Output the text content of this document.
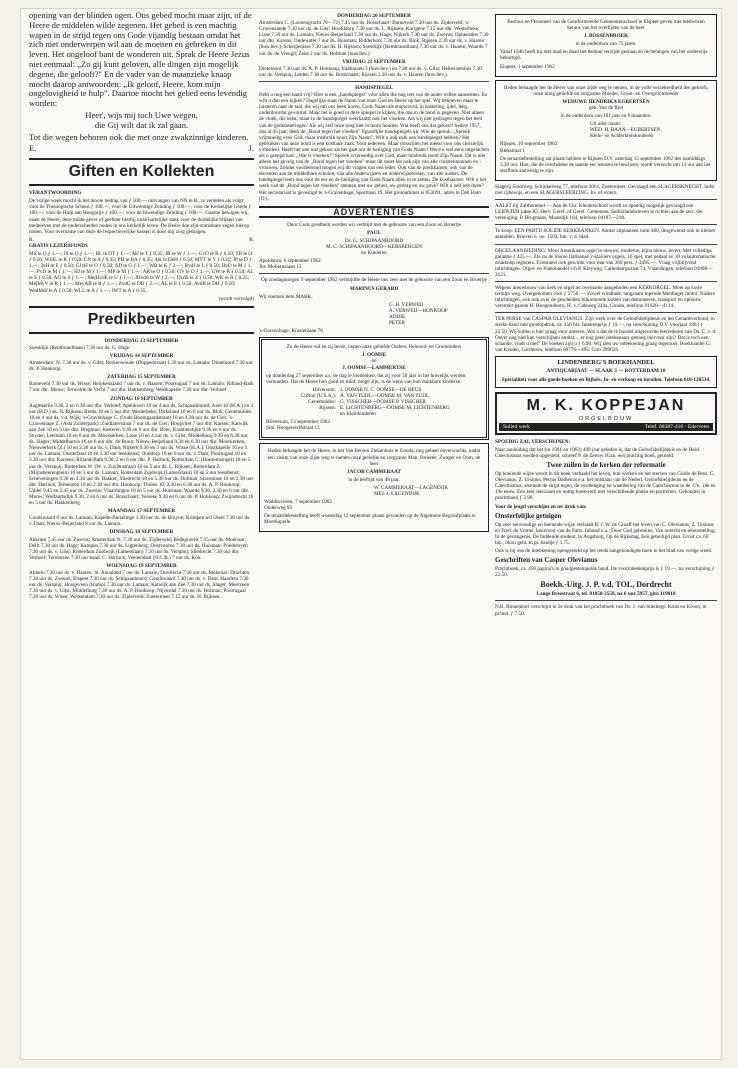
opening van der blinden ogen. Ons gebed mocht maar zijn, of de Heere de middelen wilde zegenen. Het gebed is een machtig wapen in de strijd tegen ons Gode vijandig bestaan omdat het zich niet onderwerpen wil aan de moeiten en gebreken in dit leven. Het ongeloof bant de wonderen uit. Sprak de Heere Jezus niet eenmaal: „Zo gij kunt geloven, alle dingen zijn mogelijk degene, die gelooft?" En de vader van de maanzieke knaap mocht daarop antwoorden: „Ik geloof, Heere, kom mijn ongelovigheid te hulp". Daartoe mocht het gebed eens levendig worden:

Heer', wijs mij toch Uwe wegen,

die Gij wilt dat ik zal gaan.

Tot die wegen behoren ook die met onze zwakzinnige kinderen.

E.	J.
Giften en Kollekten

VERANTWOORDING

De vorige week mocht ik het mooie bedrag van ƒ 500.— ontvangen van NN te B., te verdelen als volgt: voor de Theologische School ƒ 100.—, voor de Uitwendige Zending ƒ 100.—, voor de Kerkelijke Goede ƒ 100.—, voor de Hulp aan Hongarije ƒ 100.—, voor de Inwendige Zending ƒ 100.—. Gaarne betuigen wij, naast de Heere, deze milde gever of geefster hierbij onze hartelijke dank voor de duidelijke blijken van medeleven met de onderscheiden noden in ons kerkelijk leven. De Heere doe zijn onmisbare zegen hierop rusten. Voor overname van deze de respectievelijke kassen is door mij zorg gedragen.

R.	R.

GRATIS LEZERSFONDS

MS te O ƒ 1.—; JS te O ƒ 1.—; BL te OT ƒ 1.—; MJ te T ƒ 0.35; JB te W ƒ 1.—; GvO te B ƒ 0.50; TB te O ƒ 0.50; WJdL te R ƒ 0.50; CN te A ƒ 0.35; PD te BA ƒ 0.35; AK te DeH ƒ 0.50; MVT te Y ƒ 0.35; JP te D ƒ 1.—; JvH te E ƒ 0.50; GJvH te O ƒ 0.50; AD te G ƒ 1.—; WB te K ƒ 2.—; BvdJ te L ƒ 0.50; HvO te M ƒ 1.—; PvD te M ƒ 1.—; HJ te M ƒ 1.—; MP te M ƒ 1.—; AR te O ƒ 0.50; GV te O ƒ 1.—; GW te R ƒ 0.50; AL te S ƒ 0.50; AO te S ƒ 1.—; MejHvdE te U ƒ 1.—; JHvdS te W ƒ 2.—; DvdS te Z ƒ 0.50; WK te R ƒ 0.25; MejMvV te R ƒ 1.—; MevAB te R ƒ 1.—; ZvdG te DB ƒ 2.—; AL te E ƒ 0.50; AvdB te DH ƒ 0.50; WedMdJ te A ƒ 0.50; WLL te A ƒ 1.—; JWT te A ƒ 0.35.

(wordt vervolgd)

Predikbeurten

DONDERDAG 13 SEPTEMBER

Soestdijk (Rembrandtlaan) 7.30 uur ds. G. Hage.

VRIJDAG 14 SEPTEMBER

Amsterdam: N. 7.30 uur ds. v. Gilst; Berkenwoude (Dopperstraat) 1.30 uur ds. Lamain; Dinteloord 7.30 uur ds. P. Honkoop.

ZATERDAG 15 SEPTEMBER

Barneveld 7.30 uur ds. Wisse; Heinkenszand 7 uur ds. v. Haaren; Poortugaal 7 uur ds. Lamain; Rilland-Bath 7 uur dhr. Mouw; Terwolde de Vecht 7 uur dhr. Hakkenberg; Westkapelle 7.30 uur dhr. Verhoef.

ZONDAG 16 SEPTEMBER

Aagtekerke 9.30, 2 en 6.30 uur dhr. Verhoef; Apeldoorn 10 en 4 uur ds. Schipaanboord; Axel 10 (H.A.) en 3 uur (H.D.) ds. H. Rijksen; Breda 10 en 5 uur dhr. Westerbeke; Dirksland 10 en 6 uur ds. Blok; Genemuiden 10 en 4 uur ds. v.d. Wijk; 's-Gravenhage C. (Oude Boomgaardstraat) 10 en 4.30 uur ds. de Gier; 's-Gravenhage Z. (Asta Zuiderpark); Zuidlarerstraat 7 uur ds. de Gier; Hoogvliet 7 uur dhr. Karsen; Katwijk aan Zee 10 en 5 uur dhr. Bregman; Kesteren 9.30 en 6 uur dhr. Boer; Krabbendijke 9.30 en 6 uur ds. Snyder; Leerdam 10 en 6 uur ds. Moerkerken; Lisse 10 en 4 uur ds. v. Gilst; Middelburg 9.30 en 6.30 uur ds. Slager; Middelharnis 10 en 6 uur dhr. de Bruin; Nieuw-Beijerland 9.30 en 6.30 uur dhr. Moerkerken; Nieuwerkerk (Z.) 10 en 2.30 uur ds. v. Dam; Nijkerk 9.30 en 5 uur ds. Wisse (H.A.); Oostkapelle 10 en 3 uur ds. Lamain; Oosterland 10 en 2.30 uur leesdienst; Ouddorp 10 en 6 uur ds. v. Dam; Poortugaal 10 en 3.30 uur dhr. Karsens; Rilland-Bath 9.30, 2 en 6 uur dhr. P. Harinck; Rotterdam C. (Boezemsingel) 10 en 5 uur ds. Verspuij; Rotterdam W. (W. v. Zuylenstraat) 10 en 5 uur ds. L. Rijksen; Rotterdam Z. (Mijnsheerenplein) 10 en 5 uur ds. Lamain; Rotterdam Zuidwijk (Lamerslaan) 10 en 5 uur leesdienst; Scheveningen 9.30 en 4.30 uur ds. Bakker; Sliedrecht 10 en 5.30 uur ds. Hofman; Stavenisse 10 en 2.30 uur dhr. Harinck; Terneuzen 10 en 2.30 uur dhr. Honkoop; Tholen 10, 2.30 en 6.30 uur ds. A. P. Honkoop; Uddel 9.45 en 2.45 uur ds. Zwerus; Vlaardingen 10 en 5 uur ds. Huisman; Waarde 9.30, 2.30 en 6 uur dhr. Mouw; Wolfaartsdijk 9.30, 2 en 6 uur ds. Bosschaart; Yerseke 9.30 en 6 uur ds. P. Honkoop; Zwijndrecht 10 en 5 uur ds. Hakkenberg.

MAANDAG 17 SEPTEMBER

Goudswaard 6 uur ds. Lamain; Kapelle-Biezelinge 1.30 uur ds. de Bruyne; Krimpen a/d IJssel 7.30 uur ds. v. Dam; Nieuw-Beijerland 8 uur ds. Lamain.

DINSDAG 18 SEPTEMBER

Akkrum 7.45 uur ds. Zwerus; Amsterdam N. 7.30 uur ds. Zijderveld; Bodegraven 7.15 uur ds. Moleraar; Delft 7.30 uur ds. Hage; Kampen 7.30 uur ds. Ligtenberg; Oostvoorne 7.30 uur ds. Huisman; Poederoyen 7.30 uur ds. v. Gilst; Rotterdam Zuidwijk (Lamerslaan) 7.30 uur ds. Verspuij; Sliedrecht 7.30 uur dhr. Verhoef; Terneuzen 7.30 uur kand. C. Harinck; Veenendaal (O.C.B.) 7 uur ds. Kok.

WOENSDAG 19 SEPTEMBER

Almelo 7.30 uur ds. v. Haaren; St. Annaland 7 uur ds. Lamain; Dordrecht 7.30 uur ds. Moleraar; Drachten 7.30 uur ds. Zwerus; Elspeet 7.30 uur ds. Schipaanboord; Goudswaard 7.30 uur ds. v. Dam; Haarlem 7.30 uur ds. Verspuij; Hoogeveen (Kamp) 7.30 uur ds. Lamain; Katwijk aan Zee 7.30 uur ds. Slager; Meerveen 7.30 uur ds. v. Gilst; Middelburg 7.30 uur ds. A. P. Honkoop; Nijverdal 7.30 uur ds. Hofman; Poortugaal 7.30 uur ds. Wisse; Werkendam 7.30 uur ds. Zijderveld; Zoetermeer 7.15 uur ds. H. Rijksen.

DONDERDAG 20 SEPTEMBER

Amsterdam C. (Looiersgracht 70—72) 7.45 uur ds. Bosschaart; Barneveld 7.30 uur ds. Zijderveld; 's-Gravenzande 7.30 uur ds. de Gier; Hoofddorp 7.30 uur ds. L. Rijksen; Kortgene 7.15 uur dhr. Westerbeke; Lisse 7.30 uur ds. Lamain; Nieuw-Beijerland 7.30 uur ds. Hage; Nijkerk 7.30 uur ds. Zwerus; Opheusden 7.30 uur dhr. Karens; Oudewater 7 uur ds. Huisman; Ridderkerk 7.30 uur ds. Blok; Rijssen 2.30 uur ds. v. Haaren (huw.bev.); Scherpenisse 7.30 uur ds. H. Rijksen; Soestdijk (Rembrandtlaan) 7.30 uur ds. v. Haaren; Waarde 7 uur ds. de Vreugd; Zeist 2 uur ds. Hofman (huw.bev.).

VRIJDAG 21 SEPTEMBER

Dinteloord 7.30 uur ds. A. P. Honkoop; Enkhuizen 3 (huw.bev.) en 7.30 uur ds. v. Gilst; Hellevoetsluis 7.30 uur ds. Verspuij; Leiden 7.30 uur ds. Bosschaart; Rijssen 2.30 uur ds. v. Haaren (huw.bev.).

HANDSPIEGEL

Hebt u nog een hand vrij? Hier is een „handspiegel" voor allen die nog iets van de ander willen aannemen. En wilt u dan een kijken? Dagelijks staat de Naam van onze God en Heere op het spel. Wij behoeven maar te luisteren naar de taal, die wij om ons heen horen. Gods Naam als stopwoord, in bastering, ijdel, leeg, onderdoordat gevormd. Maar het is goed in deze spiegel te kijken, die ons in de hand is gegeven. Niet alleen de vloek, die kelst, maar in de handspiegel weerkaatst ook het vloeken. Als wij niet gedragen tegen het leed van de godslasteringen. Als wij zelf onze tong niet in toom houden. Wat heeft ons dat gekost? Sedert 1957, dus al 45 jaar, deelt de „Bond tegen het vloeken" figuurlijke handspiegels uit. Wie de spreuk: „Spreek vrijmoedig over God, maar misbruik nooit Zijn Naam". Wilt u ook zulk een handspiegel hebben? Het gebruiken van deze bond is een kostbare zaak. Voor iedereen. Maar misschien het meest voor ons christelijk volksdeel. Heeft het ons wat gekost als het gaat om de heiliging van Gods Naam? Werd u wel eens uitgelachen als u gezegd had: „Wat is vloeken?" Spreek vrijmoedig over God, maar misbruik nooit Zijn Naam. Dit is niet alleen het gevolg van de „Bond tegen het vloeken" maar dit moet het ook zijn van alle christenmannen en -vrouwen. Zonder voorbehoud mogen wij dit vragen van een ieder. Ook van de predikanten, ook van de docenten aan de middelbare scholen, van alle onderwijzers en onderwijzeressen, van alle ouders. De handspiegel leert ons voor de eer en de heiliging van Gods Naam allen in te zetten. De kostbaarste: Wilt u het werk van de „Bond tegen het vloeken" steunen met uw gebed, uw gedrag en uw gave? Wilt u zelf iets doen? Het secretariaat is gevestigd te 's-Gravenhage, Sportlaan 19. Het gironummer is 853091, adres te Den Ham (O.).

ADVERTENTIES

Door Gods goedheid werden wij verblijd met de geboorte van een Zoon en Broertje

PAUL

Ds. G. SCHIPAANBOORD

M. C. SCHIPAANBOORD—KERSBERGEN

en Kinderen

Apeldoorn, 6 september 1962

Jhr. Mollerusiaan 15

Op zondagmorgen 9 september 1962 verblijdde de Heere ons zeer met de geboorte van een Zoon en Broertje

MARINUS GERARD

Wij noemen hem MARK.

G. H. VERWEIJ

A. VERWEIJ—HONKOOP

ADDIE

PETER

's-Gravenhage, Kraaienlaan 76

Zo de Heere wil en zij leven, hopen onze geliefde Ouders, Behuwd- en Grootouders

J. OOMSE

en

J. OOMSE—LAMMERTSE

op donderdag 27 september a.s. de dag te herdenken, dat zij voor 50 jaar in het huwelijk werden verbonden. Dat de Heere hun goed en mild; moge zijn, is de wens van hun dankbare kinderen.

Hilversum: J. OOMSE N. C. OOMSE—DE HEUS
Clifton (U.S.A.): A. VAN TUIJL—OOMSE M. VAN TUIJL
Genemuiden: G. VISSCHER—OOMSE P. VISSCHER
Rijssen: E. LICHTENBERG—OOMSE M. LICHTENBERG

en Kleinkinderen

Hilversum, 13 september 1962

Sim. Hoogewerffstraat 13

Heden behaagde het de Heere, in het Van Iterson Ziekenhuis te Gouda, nog geheel onverwachts, nadat een ziekte van onze zijde weg te nemen onze geliefde en zorgzame Man, Broeder, Zwager en Oom, de heer

JACOB CAMMERAAT

in de leeftijd van 48 jaar.

W. CAMMERAAT—LAGENDIJK

MEJ. J. LAGENDIJK

Waddinxveen, 7 september 1962

Onderweg 93

De teraardebestelling heeft woensdag 12 september plaats gevonden op de Algemene Begraafplaats te Moerkapelle.

Bestuur en Personeel van de Gereformeerde Gemeentenschool te Elspeet geven met leedwezen kennis van het overlijden van de heer

J. BOSSENBROEK

in de ouderdom van 75 jaren.

Vanaf 1946 heeft hij met raad en daad het bestuur terzijde gestaan en de belangen van het onderwijs behartigd.

Elspeet, 1 september 1962

Heden behaagde het de Heere van onze zijde weg te nemen, in de volle verzekerdheid des geloofs, onze innig geliefde en zorgzame Moeder, Groot- en Overgrootmoeder

WEDUWE HENDRIKA EGBERTSEN

geb. Van de Riet

in de ouderdom van 101 jaar en 8 maanden.

Uit aller naam:

WED. H. BAAN—EGBERTSEN

Klein- en Achterkleinkinderen

Rijssen, 10 september 1962

Blekstraat 1

De teraardebestelling zal plaats hebben te Rijssen D.V. zaterdag 15 september 1962 des namiddags 3.30 uur. Hun, die de overledene de laatste eer wensen te bewijzen, wordt verzocht om 13 uur aan het sterfhuis aanwezig te zijn.

Slagerij Slootweg, Schinkelweg 77, telefoon 3061, Zoetermeer. Gevraagd een SLAGERSKNECHT, liefst met rijbewijs, en een SLAGERSLEERLING. In- of extern.

AALST bij Zaltbommel — Aan de Chr. Kleuterschool wordt zo spoedig mogelijk gevraagd een LEIDSTER (akte A). Herv. Geref. of Geref. Gemeente. Sollicitatiebrieven te richten aan de secr. der vereniging: P. Brugmans, Maasdijk 164, telefoon 04187—218.

Te koop: EEN PARTIJ SOLIDE KERKBANKEN. Aantal zitplaatsen ruim 400, desgewenst ook in kleiner aantallen. Brieven n. no. 1503, bur. v. d. blad.

ORGELAANBIEDING: Mooi Amerikaans orgel in nieuwe, moderne, bijna nieuw, levert. Met volledige garantie ƒ 425.—. Zie nu de mooie Italiaanse 2-klaviers orgels, 10 spel, met pedaal en 10 volautomatische drukknop registers. Eventueel ook geschikt voor mat van 360 pers. ƒ 3495.—. Vraag vrijblijvend inlichtingen. Orgel- en Pianohandel v/h P. Kleyweg, Callenburgstraat 74, Vlaardingen, telefoon 01898—3121.

Wegens nieuwbouw van kerk en orgel ter overname aangeboden een KERKORGEL. Moet op korte termijn weg. Overgenomen voor ƒ 2750.—. Zowel windlade, langzaam lopende Meidinger motor. Nadere inlichtingen, ook ook over de gescheiden bijkomende kosten van demonteren, transport en opbouw, verstrekt gaarne H. Hoogendoorn, H. v. Catsweg 244a, Gouda, telefoon 01820—4114.

TER PERSE van CASPAR OLEVIANUS: Zijn werk over de Geloofsbelijdenis en het Genadeverbond, in sterke band met goudopdruk, ca. 450 blz. Intekenprijs ƒ 19.—, na verschijning D.V. voorjaar 1963 ƒ 22.50. Wij zullen u hier graag voor noteren. Wat u dat de te bundel uitgezochte leerrederen van Ds. C. v. d. Oever nog niet kan verschijnen omdat.... er nog geen intekenaars genoeg hiervoor zijn? Dat is toch een schande, vindt u niet? De boeken zijn u ƒ 6.90. Wij zien uw inteekening graag tegemoet. Boekhandel G. van Keulen, Gardteren, telefoon 06776—495. Giro 299624.

LINDENBERG'S BOEKHANDEL

ANTIQUARIAAT — SLAAK 3 — ROTTERDAM 10

Specialiteit voor alle goede boeken en Bijbels. In- en verkoop en inruilen. Telefoon 010-128534.

M. K. KOPPEJAN
ORGELBOUW
Solied werk	Telef. 08387-416 - Ederveen

SPOEDIG ZAL VERSCHIJNEN:

Naar aanleiding dat het (in 1961 en 1963) 400 jaar geleden is, dat de Geloofsbelijdenis en de Heid. Catechismus werden opgesteld, schreef P. de Zeeuw JGzn. een prachtig boek, getiteld:

Twee zuilen in de kerken der reformatie

Op boeiende wijze wordt in dit boek verhaald het leven, hun werken en het sterven van Guido de Bres, C. Olevianus, Z. Ursinus, Petrus Dathenus e.a. het ontstaan van de Nederl. Geloofsbelijdenis en de Catechismus, alsmede de strijd tegen, de verdediging en waardering van de Catechismus in de 17e, 18e en 19e eeuw. Een zeer leerzaam en nuttig boekwerk met verschillende platen en portretten. Gebonden in prachtband ƒ 3.90.

Voor de jeugd verschijnt en ter druk van:

Onsterfelijke getuigen

Op zeer eenvoudige en boeiende wijze verhaalt B. J. W. de Graaff het leven van C. Olevianus, Z. Ursinus en Fred. de Vrome, keurvorst van de Paltz. Inhoud o.a.: Door God gebroken, Van onrecht en teleurstelling, In de gevangenis, De biddende student, In Augsburg, Op de Rijksdag, Een geheiligd plan. Groot ca. 60 blz., mooi gebl. in pr. bandje ƒ 1.75.

Ook is bij ons de inteekening opengesteld op het reeds aangekondigde boek in het blad van vorige week:

Geschriften van Casper Olevianus

Prachtboek, ca. 450 pagina's in goudgestempelde band. De voorinteekenprijs is ƒ 19.—, na verschijning ƒ 22.50.

Boekh.-Uitg. J. P. v.d. TOL, Dordrecht

Lange Breestraat 6, tel. 01850-3558, na 6 uur 5957, giro 119018

N.B. Binnenkort verschijnt in 2e druk van het prachtboek van Ds. J. van Sliedregt: Kruis en Kroon, in pr.bnd. ƒ 7.50.
